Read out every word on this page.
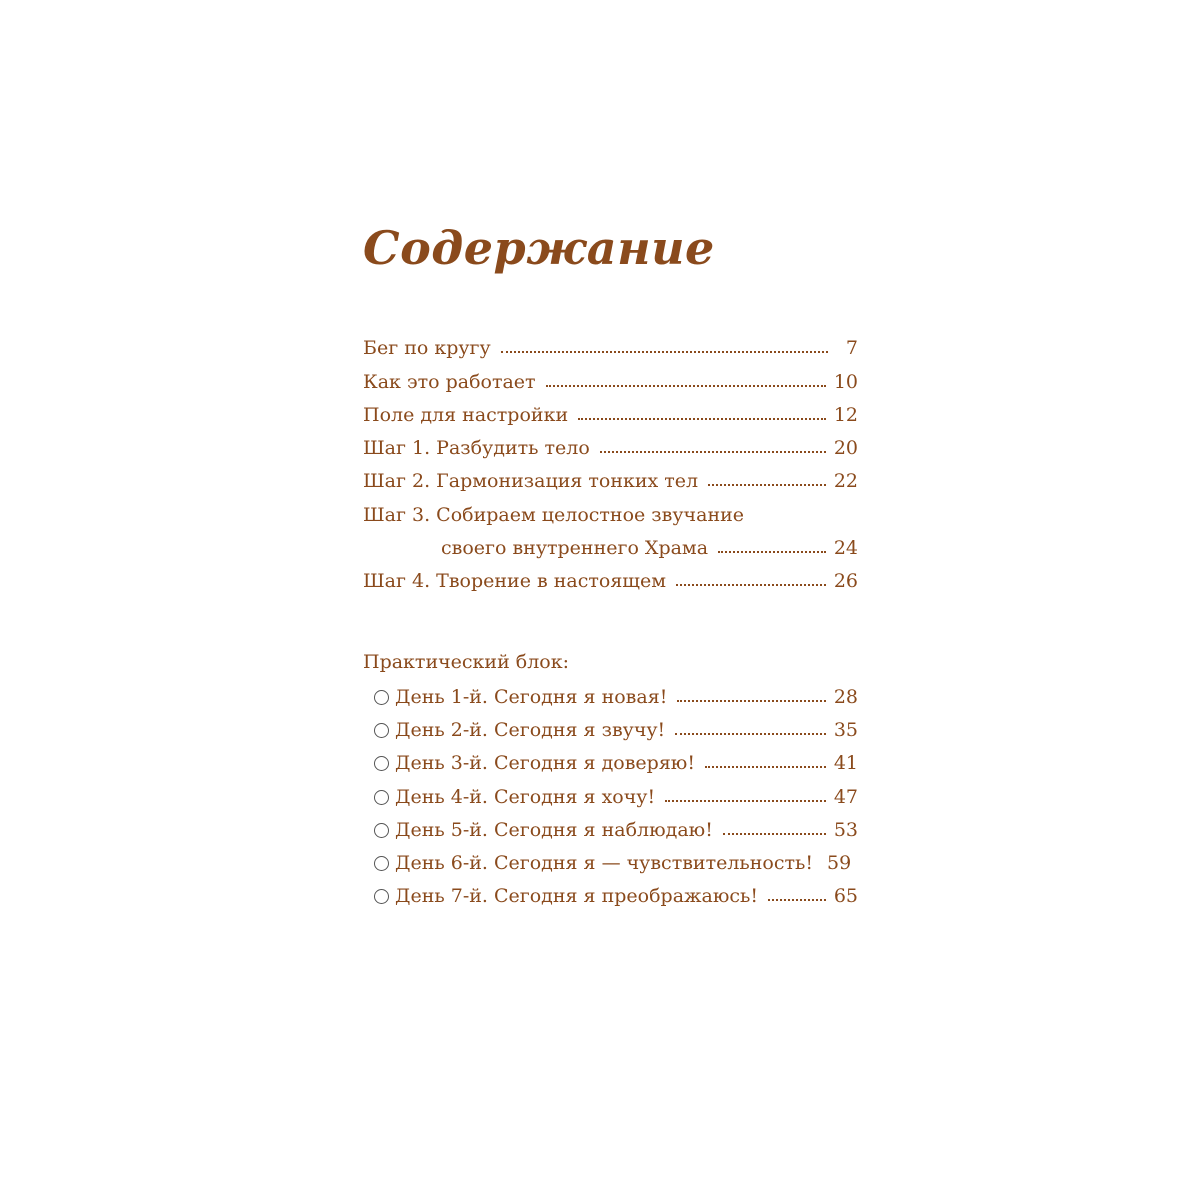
Содержание
Бег по кругу	7
Как это работает	10
Поле для настройки	12
Шаг 1. Разбудить тело	20
Шаг 2. Гармонизация тонких тел	22
Шаг 3. Собираем целостное звучание
своего внутреннего Храма	24
Шаг 4. Творение в настоящем	26
Практический блок:
День 1-й. Сегодня я новая!	28
День 2-й. Сегодня я звучу!	35
День 3-й. Сегодня я доверяю!	41
День 4-й. Сегодня я хочу!	47
День 5-й. Сегодня я наблюдаю!	53
День 6-й. Сегодня я — чувствительность! 59
День 7-й. Сегодня я преображаюсь!	65
